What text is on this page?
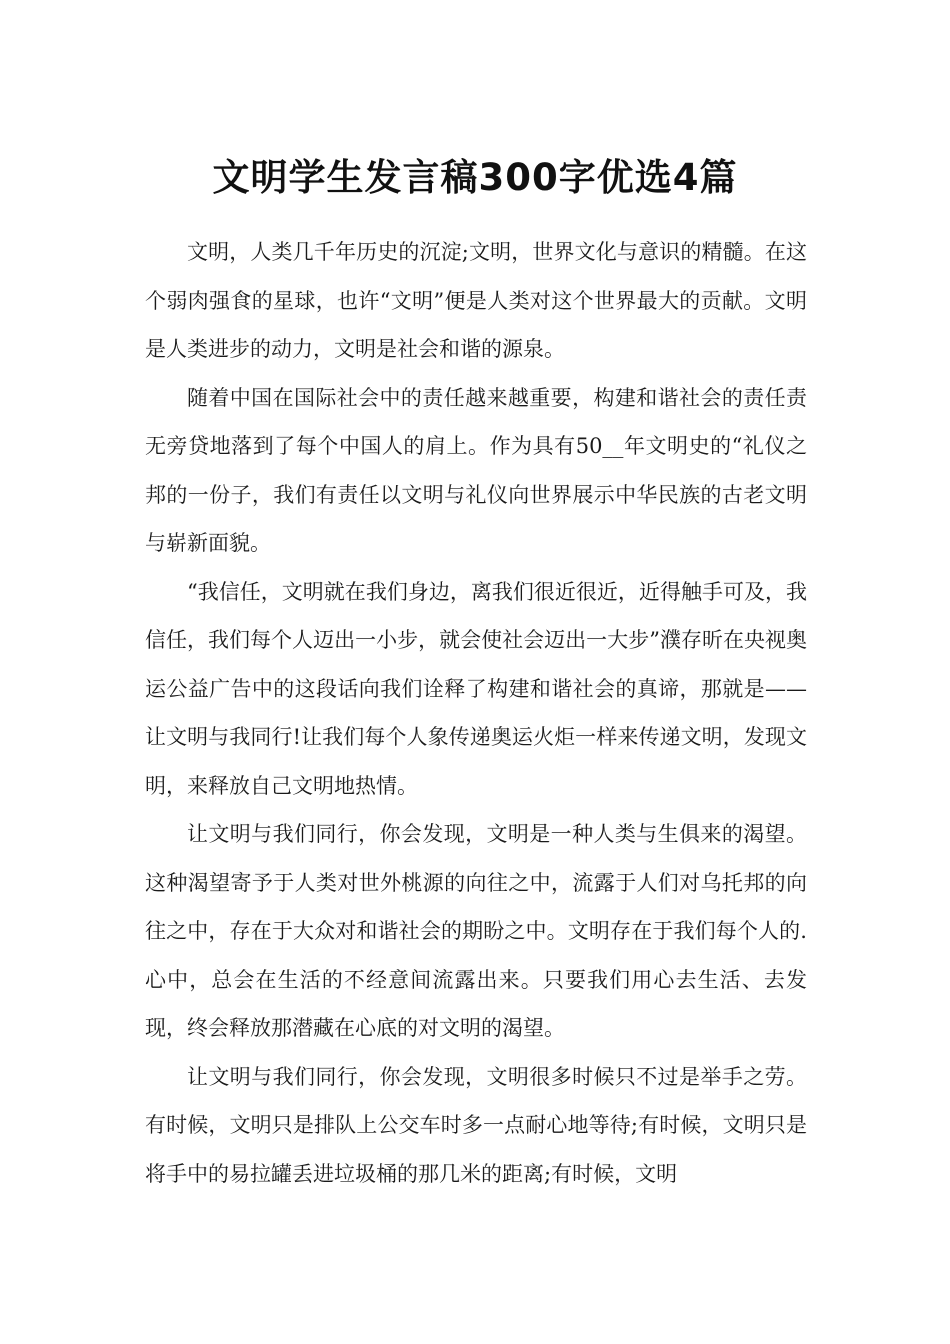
文明学生发言稿300字优选4篇

文明，人类几千年历史的沉淀;文明，世界文化与意识的精髓。在这个弱肉强食的星球，也许“文明”便是人类对这个世界最大的贡献。文明是人类进步的动力，文明是社会和谐的源泉。

随着中国在国际社会中的责任越来越重要，构建和谐社会的责任责无旁贷地落到了每个中国人的肩上。作为具有50__年文明史的“礼仪之邦的一份子，我们有责任以文明与礼仪向世界展示中华民族的古老文明与崭新面貌。

“我信任，文明就在我们身边，离我们很近很近，近得触手可及，我信任，我们每个人迈出一小步，就会使社会迈出一大步”濮存昕在央视奥运公益广告中的这段话向我们诠释了构建和谐社会的真谛，那就是——让文明与我同行!让我们每个人象传递奥运火炬一样来传递文明，发现文明，来释放自己文明地热情。

让文明与我们同行，你会发现，文明是一种人类与生俱来的渴望。这种渴望寄予于人类对世外桃源的向往之中，流露于人们对乌托邦的向往之中，存在于大众对和谐社会的期盼之中。文明存在于我们每个人的.心中，总会在生活的不经意间流露出来。只要我们用心去生活、去发现，终会释放那潜藏在心底的对文明的渴望。

让文明与我们同行，你会发现，文明很多时候只不过是举手之劳。有时候，文明只是排队上公交车时多一点耐心地等待;有时候，文明只是将手中的易拉罐丢进垃圾桶的那几米的距离;有时候，文明
